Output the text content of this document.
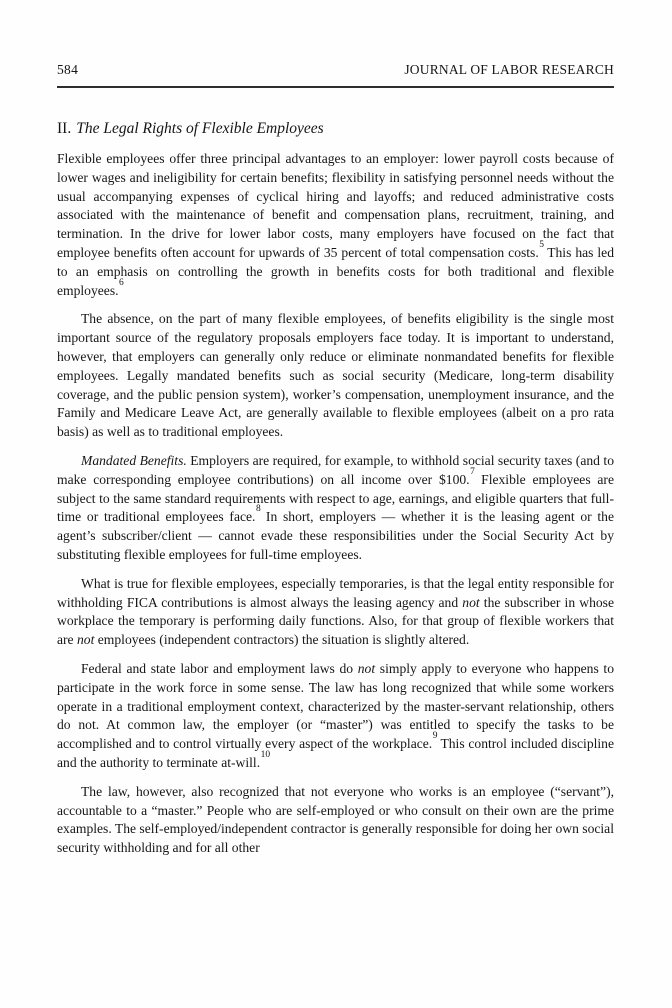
584	JOURNAL OF LABOR RESEARCH
II. The Legal Rights of Flexible Employees

Flexible employees offer three principal advantages to an employer: lower payroll costs because of lower wages and ineligibility for certain benefits; flexibility in satisfying personnel needs without the usual accompanying expenses of cyclical hiring and layoffs; and reduced administrative costs associated with the maintenance of benefit and compensation plans, recruitment, training, and termination. In the drive for lower labor costs, many employers have focused on the fact that employee benefits often account for upwards of 35 percent of total compensation costs.$^5$ This has led to an emphasis on controlling the growth in benefits costs for both traditional and flexible employees.$^6$

The absence, on the part of many flexible employees, of benefits eligibility is the single most important source of the regulatory proposals employers face today. It is important to understand, however, that employers can generally only reduce or eliminate nonmandated benefits for flexible employees. Legally mandated benefits such as social security (Medicare, long-term disability coverage, and the public pension system), worker’s compensation, unemployment insurance, and the Family and Medicare Leave Act, are generally available to flexible employees (albeit on a pro rata basis) as well as to traditional employees.

Mandated Benefits. Employers are required, for example, to withhold social security taxes (and to make corresponding employee contributions) on all income over $100.$^7$ Flexible employees are subject to the same standard requirements with respect to age, earnings, and eligible quarters that full-time or traditional employees face.$^8$ In short, employers — whether it is the leasing agent or the agent’s subscriber/client — cannot evade these responsibilities under the Social Security Act by substituting flexible employees for full-time employees.

What is true for flexible employees, especially temporaries, is that the legal entity responsible for withholding FICA contributions is almost always the leasing agency and not the subscriber in whose workplace the temporary is performing daily functions. Also, for that group of flexible workers that are not employees (independent contractors) the situation is slightly altered.

Federal and state labor and employment laws do not simply apply to everyone who happens to participate in the work force in some sense. The law has long recognized that while some workers operate in a traditional employment context, characterized by the master-servant relationship, others do not. At common law, the employer (or “master”) was entitled to specify the tasks to be accomplished and to control virtually every aspect of the workplace.$^9$ This control included discipline and the authority to terminate at-will.$^{10}$

The law, however, also recognized that not everyone who works is an employee (“servant”), accountable to a “master.” People who are self-employed or who consult on their own are the prime examples. The self-employed/independent contractor is generally responsible for doing her own social security withholding and for all other
